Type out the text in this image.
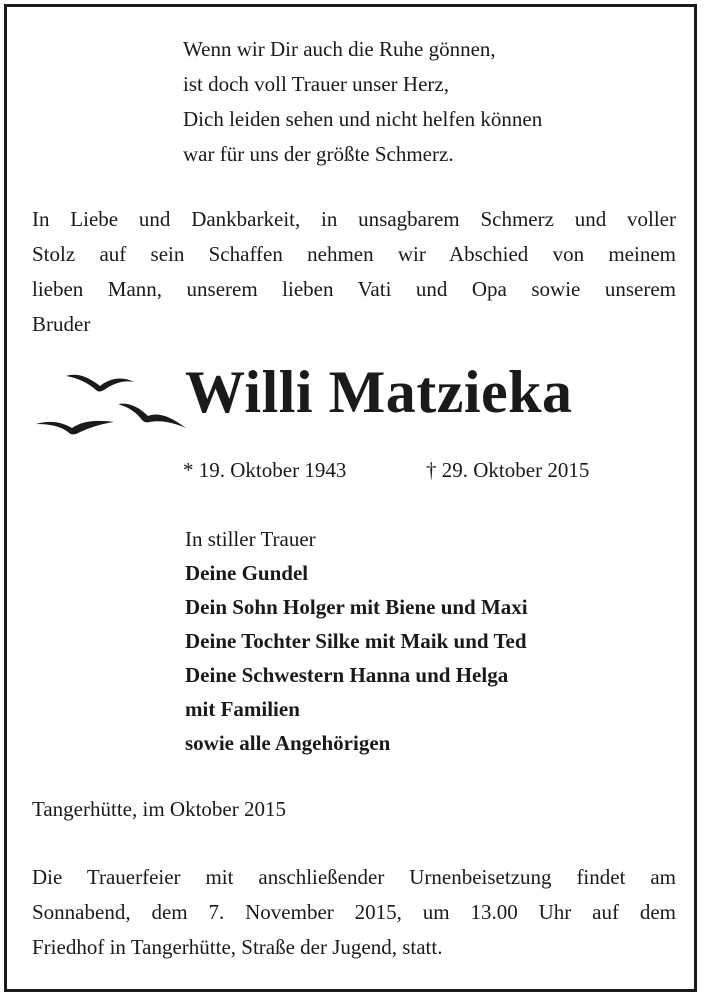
Wenn wir Dir auch die Ruhe gönnen,
ist doch voll Trauer unser Herz,
Dich leiden sehen und nicht helfen können
war für uns der größte Schmerz.
In Liebe und Dankbarkeit, in unsagbarem Schmerz und voller
Stolz auf sein Schaffen nehmen wir Abschied von meinem
lieben Mann, unserem lieben Vati und Opa sowie unserem
Bruder
Willi Matzieka
* 19. Oktober 1943	† 29. Oktober 2015
In stiller Trauer
Deine Gundel
Dein Sohn Holger mit Biene und Maxi
Deine Tochter Silke mit Maik und Ted
Deine Schwestern Hanna und Helga
mit Familien
sowie alle Angehörigen
Tangerhütte, im Oktober 2015
Die Trauerfeier mit anschließender Urnenbeisetzung findet am
Sonnabend, dem 7. November 2015, um 13.00 Uhr auf dem
Friedhof in Tangerhütte, Straße der Jugend, statt.
